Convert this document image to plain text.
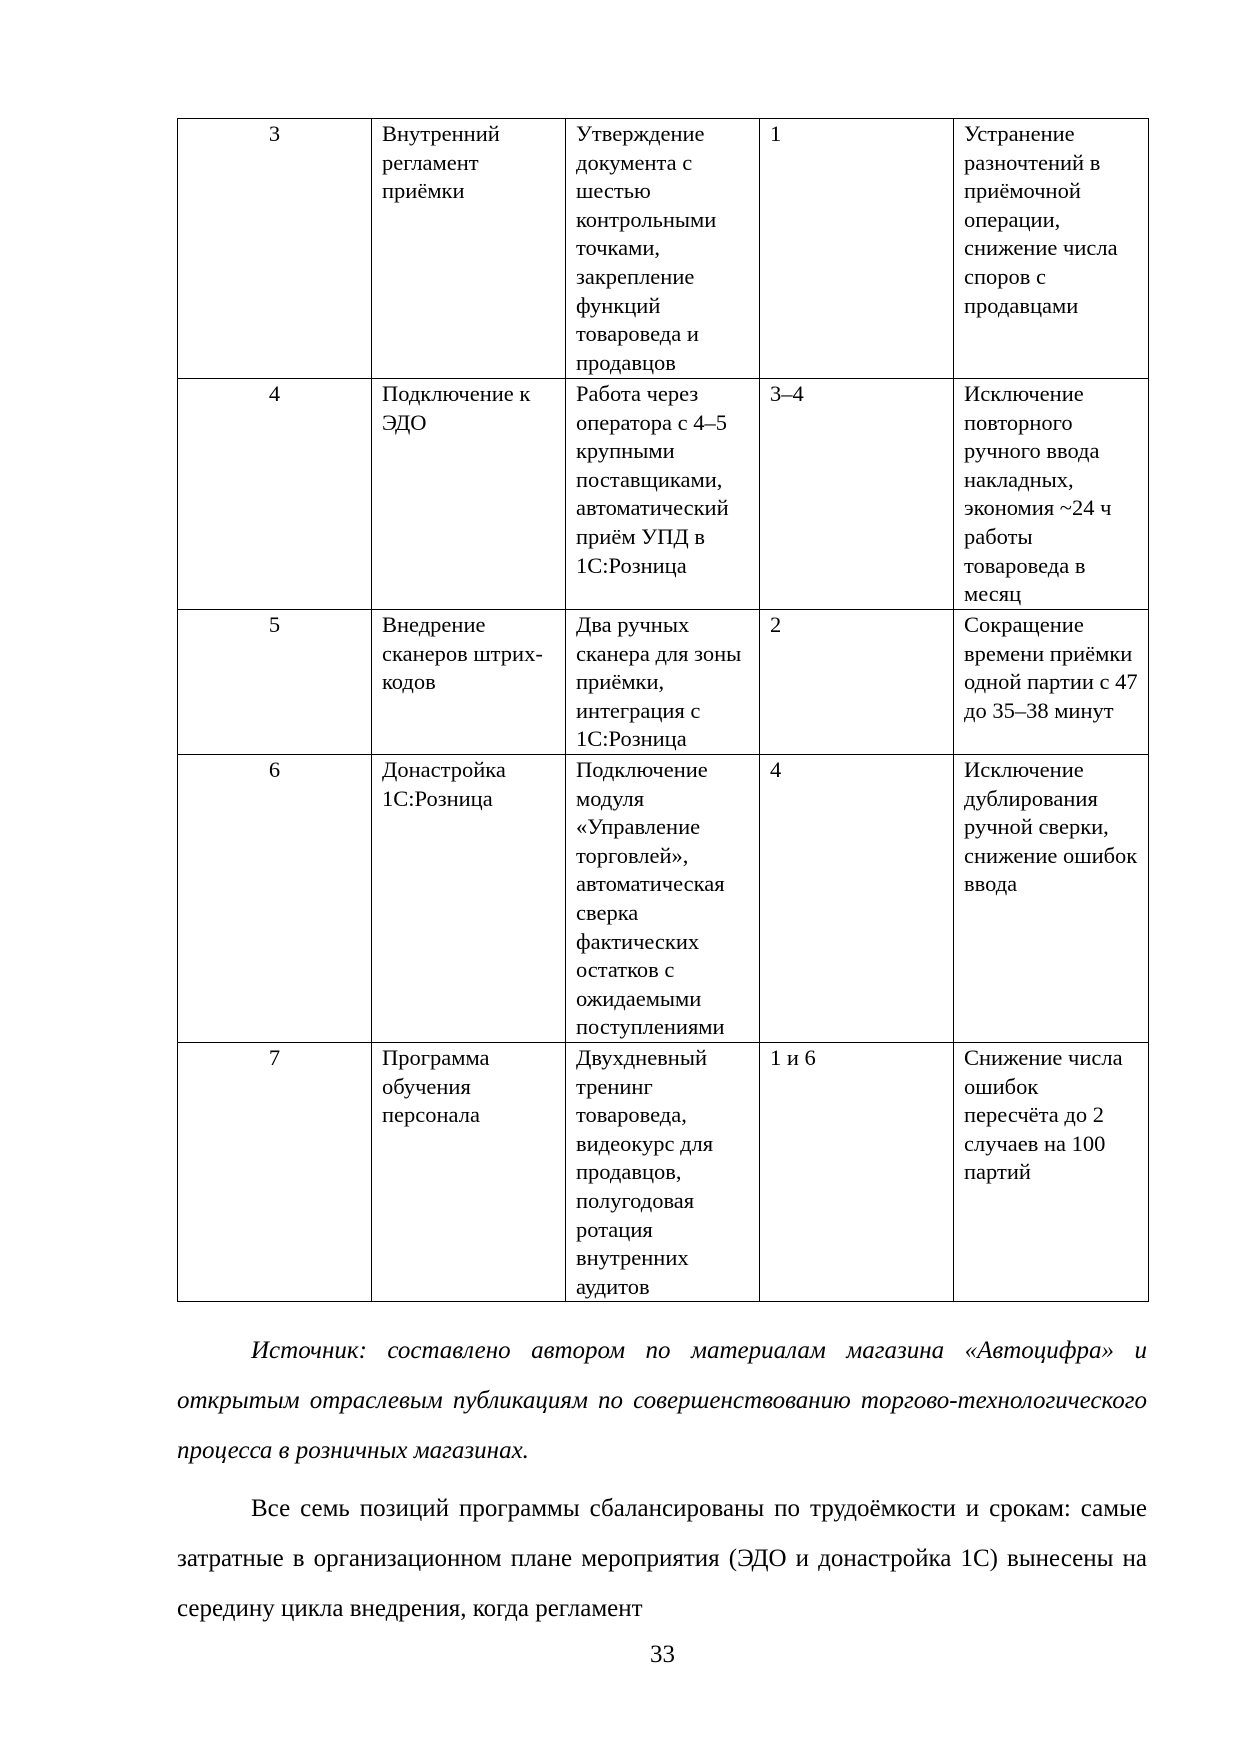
3	Внутренний регламент приёмки	Утверждение документа с шестью контрольными точками, закрепление функций товароведа и продавцов	1	Устранение разночтений в приёмочной операции, снижение числа споров с продавцами
4	Подключение к ЭДО	Работа через оператора с 4–5 крупными поставщиками, автоматический приём УПД в 1С:Розница	3–4	Исключение повторного ручного ввода накладных, экономия ~24 ч работы товароведа в месяц
5	Внедрение сканеров штрих-кодов	Два ручных сканера для зоны приёмки, интеграция с 1С:Розница	2	Сокращение времени приёмки одной партии с 47 до 35–38 минут
6	Донастройка 1С:Розница	Подключение модуля «Управление торговлей», автоматическая сверка фактических остатков с ожидаемыми поступлениями	4	Исключение дублирования ручной сверки, снижение ошибок ввода
7	Программа обучения персонала	Двухдневный тренинг товароведа, видеокурс для продавцов, полугодовая ротация внутренних аудитов	1 и 6	Снижение числа ошибок пересчёта до 2 случаев на 100 партий

Источник: составлено автором по материалам магазина «Автоцифра» и открытым отраслевым публикациям по совершенствованию торгово-технологического процесса в розничных магазинах.

Все семь позиций программы сбалансированы по трудоёмкости и срокам: самые затратные в организационном плане мероприятия (ЭДО и донастройка 1С) вынесены на середину цикла внедрения, когда регламент

33
